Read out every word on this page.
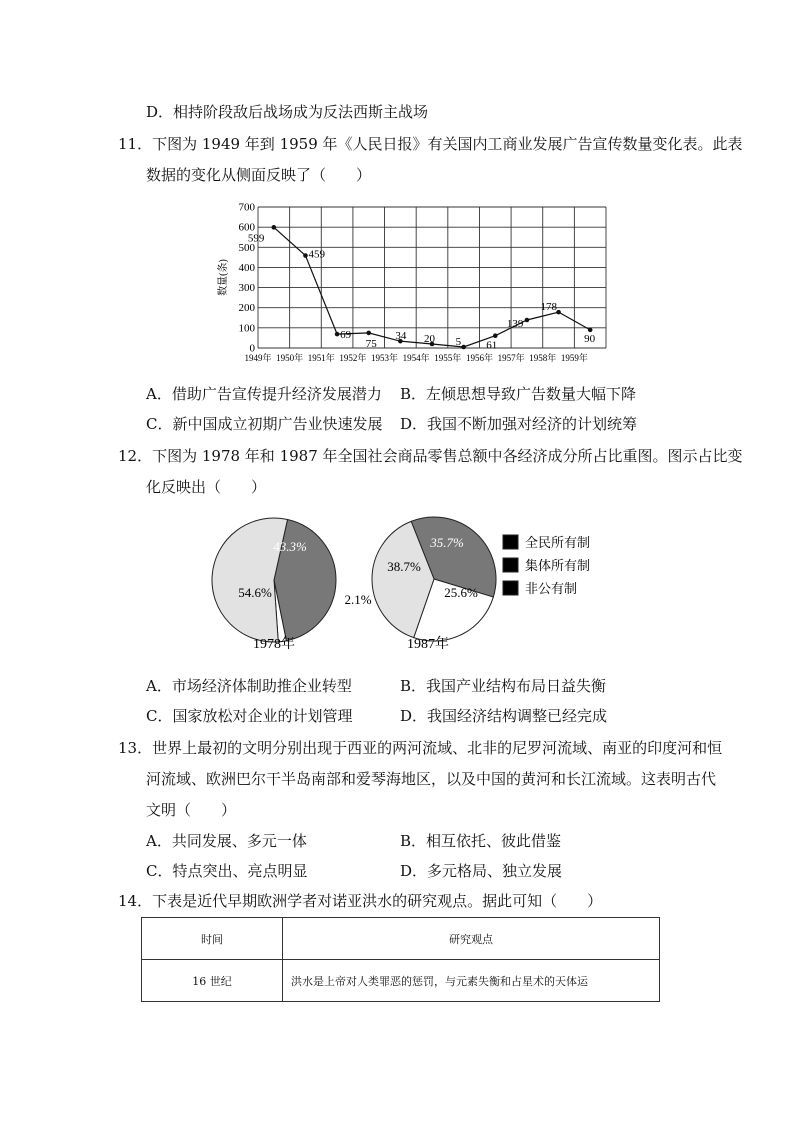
D．相持阶段敌后战场成为反法西斯主战场
11．下图为 1949 年到 1959 年《人民日报》有关国内工商业发展广告宣传数量变化表。此表
数据的变化从侧面反映了（　　）
700
600
500
400
300
200
100
0
1949年 1950年 1951年 1952年 1953年 1954年 1955年 1956年 1957年 1958年 1959年
数量(条)
599
459
69
75
34 20 5 61
139
178
90
A．借助广告宣传提升经济发展潜力 B．左倾思想导致广告数量大幅下降
C．新中国成立初期广告业快速发展 D．我国不断加强对经济的计划统筹
12．下图为 1978 年和 1987 年全国社会商品零售总额中各经济成分所占比重图。图示占比变
化反映出（　　）
54.6%
43.3%
2.1%
38.7%
35.7%
25.6%
1978年	1987年
全民所有制
集体所有制
非公有制
A．市场经济体制助推企业转型	B．我国产业结构布局日益失衡
C．国家放松对企业的计划管理	D．我国经济结构调整已经完成
13．世界上最初的文明分别出现于西亚的两河流域、北非的尼罗河流域、南亚的印度河和恒
河流域、欧洲巴尔干半岛南部和爱琴海地区，以及中国的黄河和长江流域。这表明古代
文明（　　）
A．共同发展、多元一体	B．相互依托、彼此借鉴
C．特点突出、亮点明显	D．多元格局、独立发展
14．下表是近代早期欧洲学者对诺亚洪水的研究观点。据此可知（　　）
时间	研究观点
16 世纪	洪水是上帝对人类罪恶的惩罚，与元素失衡和占星术的天体运
